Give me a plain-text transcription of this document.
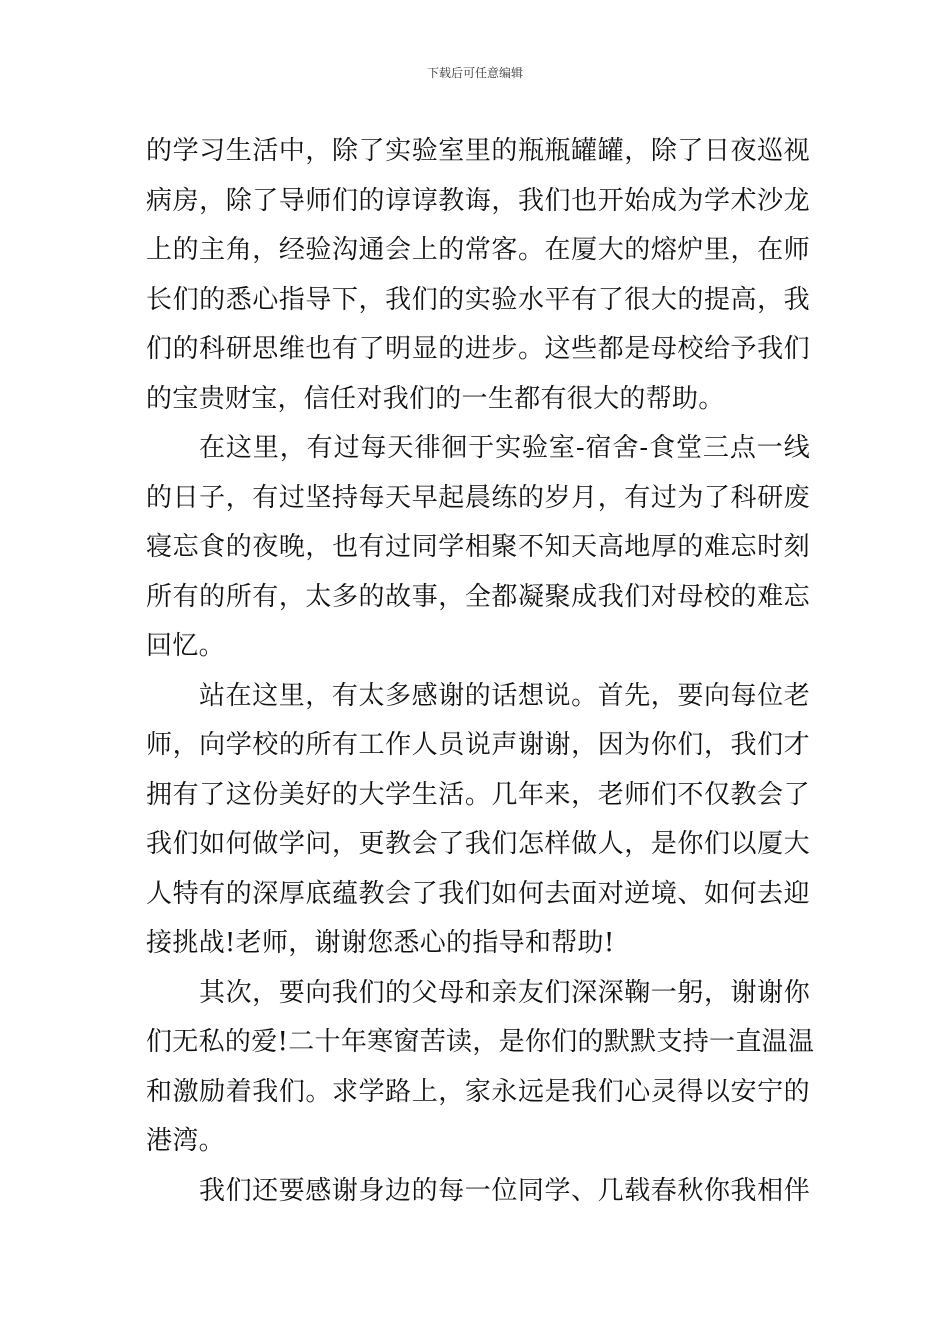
下载后可任意编辑
的学习生活中，除了实验室里的瓶瓶罐罐，除了日夜巡视
病房，除了导师们的谆谆教诲，我们也开始成为学术沙龙
上的主角，经验沟通会上的常客。在厦大的熔炉里，在师
长们的悉心指导下，我们的实验水平有了很大的提高，我
们的科研思维也有了明显的进步。这些都是母校给予我们
的宝贵财宝，信任对我们的一生都有很大的帮助。
在这里，有过每天徘徊于实验室-宿舍-食堂三点一线
的日子，有过坚持每天早起晨练的岁月，有过为了科研废
寝忘食的夜晚，也有过同学相聚不知天高地厚的难忘时刻
所有的所有，太多的故事，全都凝聚成我们对母校的难忘
回忆。
站在这里，有太多感谢的话想说。首先，要向每位老
师，向学校的所有工作人员说声谢谢，因为你们，我们才
拥有了这份美好的大学生活。几年来，老师们不仅教会了
我们如何做学问，更教会了我们怎样做人，是你们以厦大
人特有的深厚底蕴教会了我们如何去面对逆境、如何去迎
接挑战!老师，谢谢您悉心的指导和帮助!
其次，要向我们的父母和亲友们深深鞠一躬，谢谢你
们无私的爱!二十年寒窗苦读，是你们的默默支持一直温温
和激励着我们。求学路上，家永远是我们心灵得以安宁的
港湾。
我们还要感谢身边的每一位同学、几载春秋你我相伴
